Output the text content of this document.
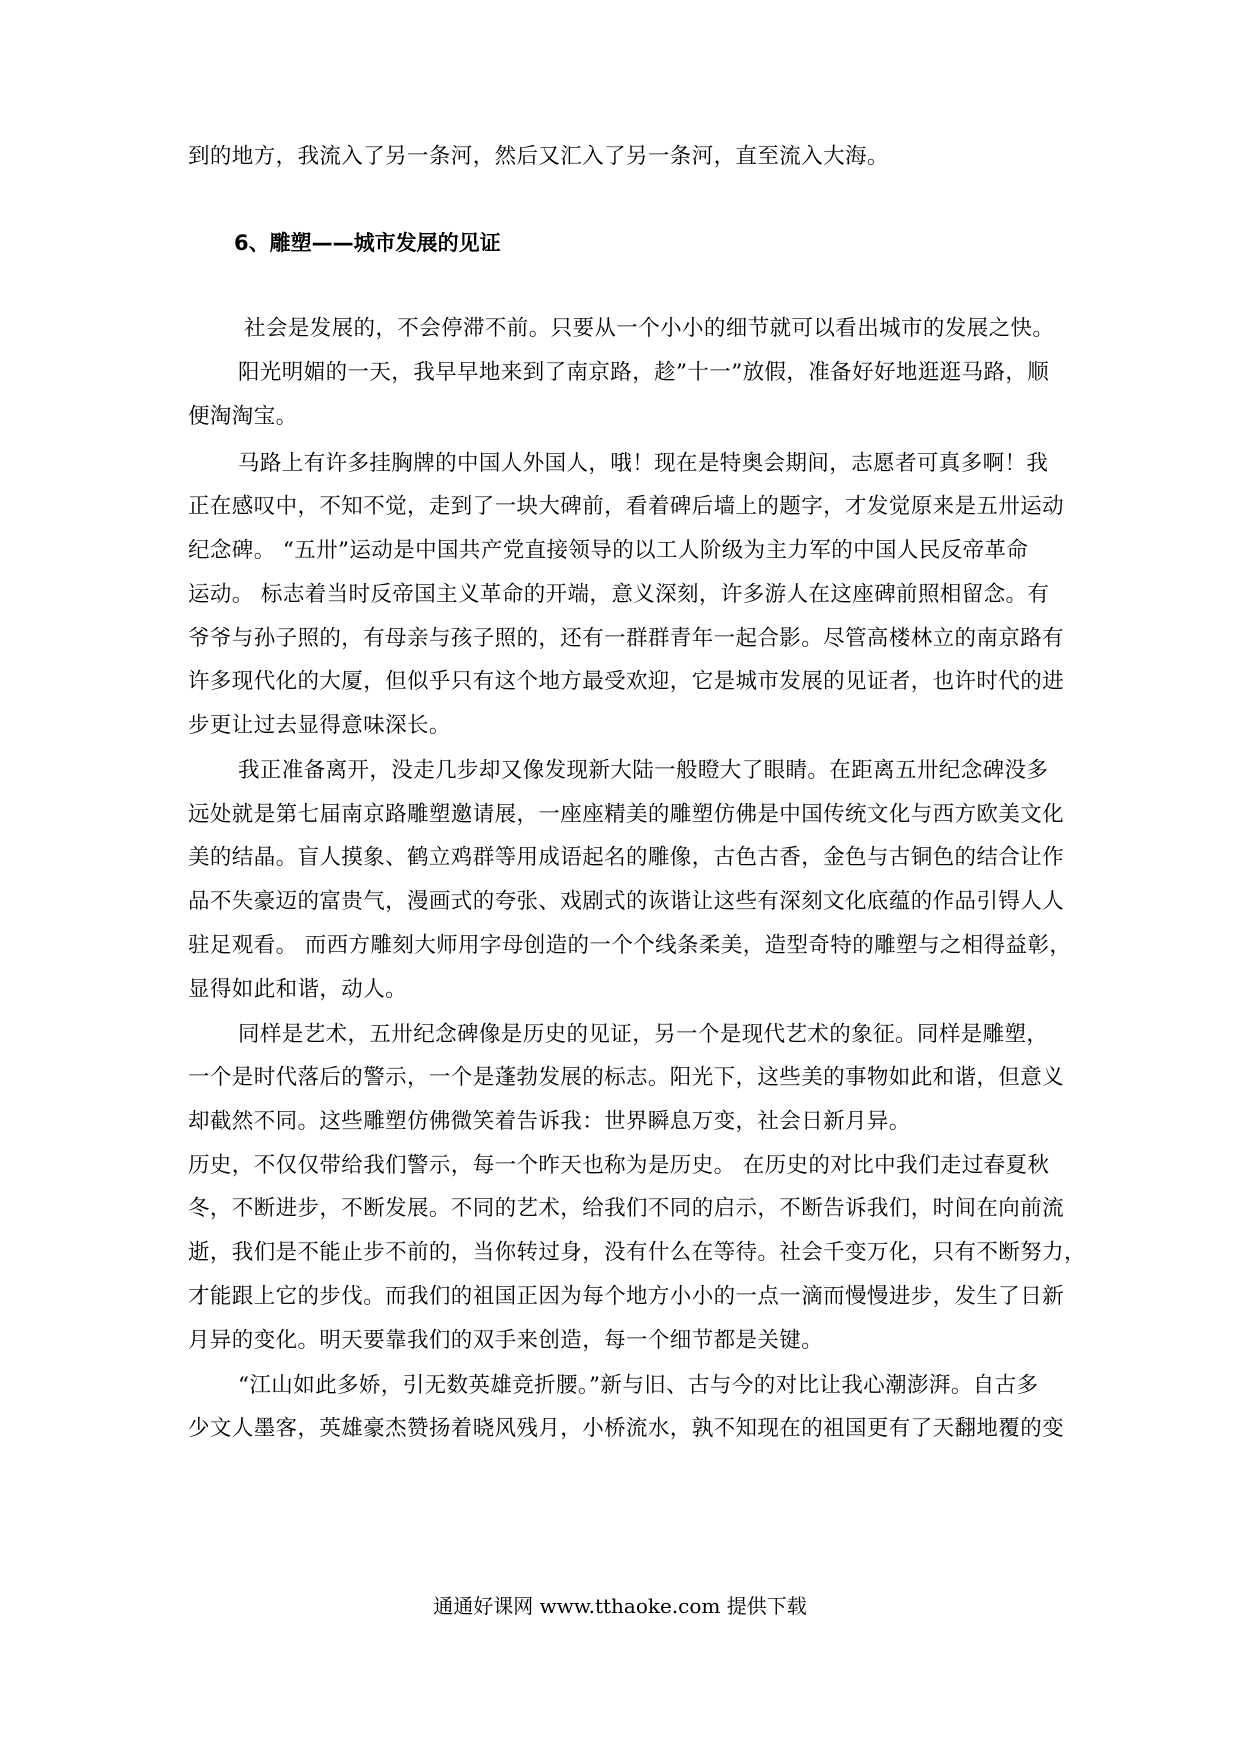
到的地方，我流入了另一条河，然后又汇入了另一条河，直至流入大海。
6、雕塑——城市发展的见证
社会是发展的，不会停滞不前。只要从一个小小的细节就可以看出城市的发展之快。
阳光明媚的一天，我早早地来到了南京路，趁”十一”放假，准备好好地逛逛马路，顺
便淘淘宝。
马路上有许多挂胸牌的中国人外国人，哦！现在是特奥会期间，志愿者可真多啊！我
正在感叹中，不知不觉，走到了一块大碑前，看着碑后墙上的题字，才发觉原来是五卅运动
纪念碑。 “五卅”运动是中国共产党直接领导的以工人阶级为主力军的中国人民反帝革命
运动。 标志着当时反帝国主义革命的开端，意义深刻，许多游人在这座碑前照相留念。有
爷爷与孙子照的，有母亲与孩子照的，还有一群群青年一起合影。尽管高楼林立的南京路有
许多现代化的大厦，但似乎只有这个地方最受欢迎，它是城市发展的见证者，也许时代的进
步更让过去显得意味深长。
我正准备离开，没走几步却又像发现新大陆一般瞪大了眼睛。在距离五卅纪念碑没多
远处就是第七届南京路雕塑邀请展，一座座精美的雕塑仿佛是中国传统文化与西方欧美文化
美的结晶。盲人摸象、鹤立鸡群等用成语起名的雕像，古色古香，金色与古铜色的结合让作
品不失豪迈的富贵气，漫画式的夸张、戏剧式的诙谐让这些有深刻文化底蕴的作品引锝人人
驻足观看。 而西方雕刻大师用字母创造的一个个线条柔美，造型奇特的雕塑与之相得益彰，
显得如此和谐，动人。
同样是艺术，五卅纪念碑像是历史的见证，另一个是现代艺术的象征。同样是雕塑，
一个是时代落后的警示，一个是蓬勃发展的标志。阳光下，这些美的事物如此和谐，但意义
却截然不同。这些雕塑仿佛微笑着告诉我：世界瞬息万变，社会日新月异。
历史，不仅仅带给我们警示，每一个昨天也称为是历史。 在历史的对比中我们走过春夏秋
冬，不断进步，不断发展。不同的艺术，给我们不同的启示，不断告诉我们，时间在向前流
逝，我们是不能止步不前的，当你转过身，没有什么在等待。社会千变万化，只有不断努力，
才能跟上它的步伐。而我们的祖国正因为每个地方小小的一点一滴而慢慢进步，发生了日新
月异的变化。明天要靠我们的双手来创造，每一个细节都是关键。
“江山如此多娇，引无数英雄竞折腰。”新与旧、古与今的对比让我心潮澎湃。自古多
少文人墨客，英雄豪杰赞扬着晓风残月，小桥流水，孰不知现在的祖国更有了天翻地覆的变
通通好课网 www.tthaoke.com 提供下载
